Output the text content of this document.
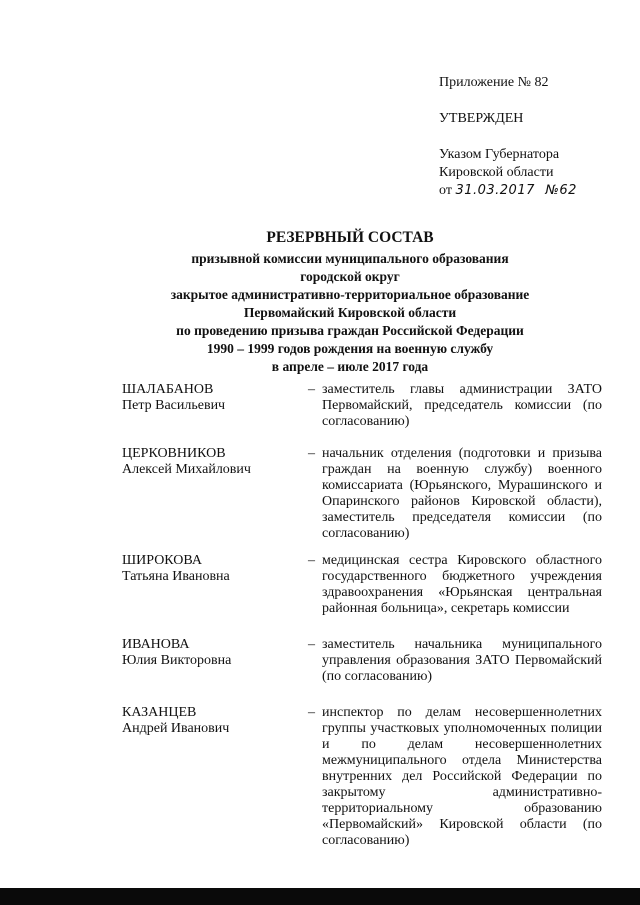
Приложение № 82
УТВЕРЖДЕН
Указом Губернатора
Кировской области
от 31.03.2017 №62
РЕЗЕРВНЫЙ СОСТАВ
призывной комиссии муниципального образования
городской округ
закрытое административно-территориальное образование
Первомайский Кировской области
по проведению призыва граждан Российской Федерации
1990 – 1999 годов рождения на военную службу
в апреле – июле 2017 года
ШАЛАБАНОВ
Петр Васильевич
– заместитель главы администрации ЗАТО Первомайский, председатель комиссии (по согласованию)
ЦЕРКОВНИКОВ
Алексей Михайлович
– начальник отделения (подготовки и призыва граждан на военную службу) военного комиссариата (Юрьянского, Мурашинского и Опаринского районов Кировской области), заместитель председателя комиссии (по согласованию)
ШИРОКОВА
Татьяна Ивановна
– медицинская сестра Кировского областного государственного бюджетного учреждения здравоохранения «Юрьянская центральная районная больница», секретарь комиссии
ИВАНОВА
Юлия Викторовна
– заместитель начальника муниципального управления образования ЗАТО Первомайский (по согласованию)
КАЗАНЦЕВ
Андрей Иванович
– инспектор по делам несовершеннолетних группы участковых уполномоченных полиции и по делам несовершеннолетних межмуниципального отдела Министерства внутренних дел Российской Федерации по закрытому административно-территориальному образованию «Первомайский» Кировской области (по согласованию)
